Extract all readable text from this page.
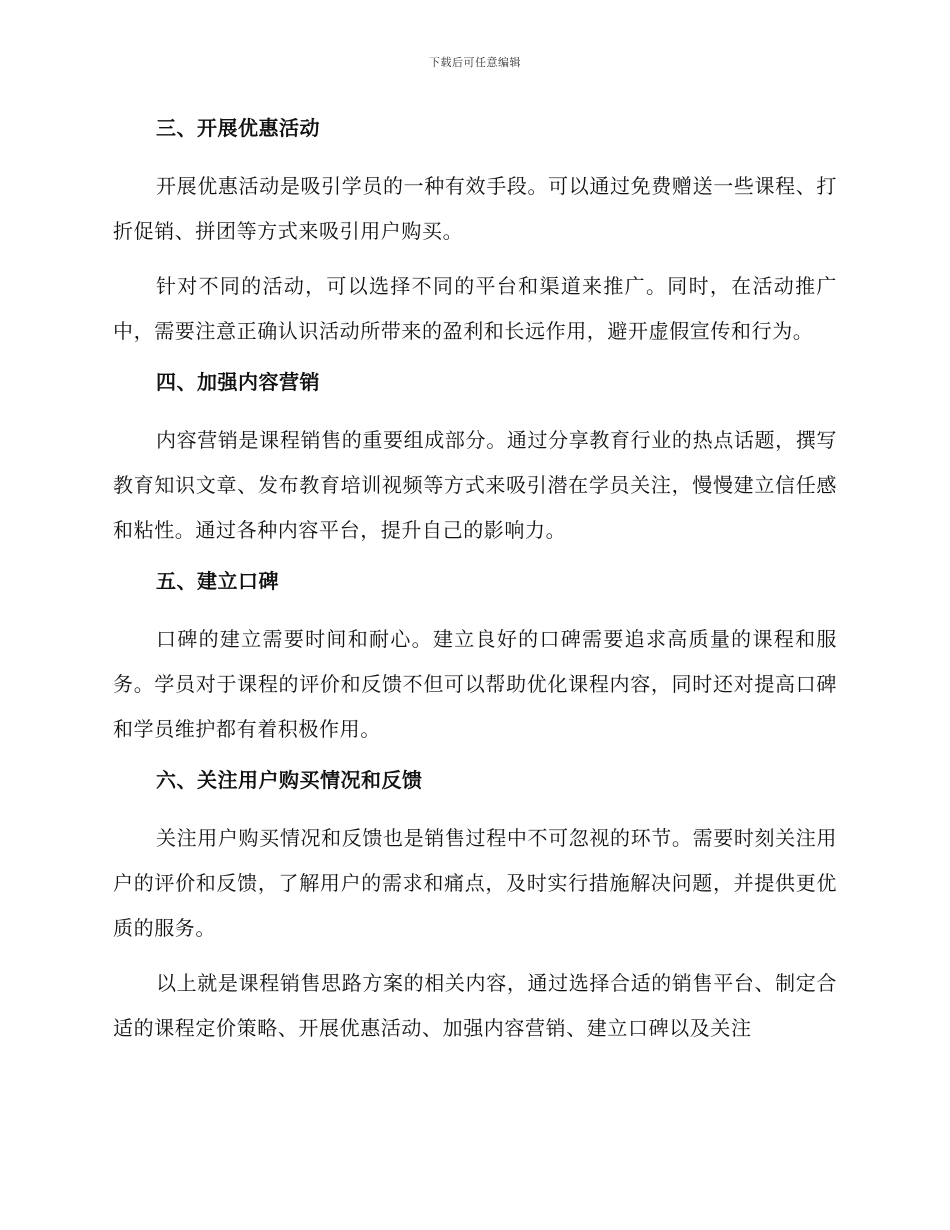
下载后可任意编辑
三、开展优惠活动

开展优惠活动是吸引学员的一种有效手段。可以通过免费赠送一些课程、打折促销、拼团等方式来吸引用户购买。

针对不同的活动，可以选择不同的平台和渠道来推广。同时，在活动推广中，需要注意正确认识活动所带来的盈利和长远作用，避开虚假宣传和行为。

四、加强内容营销

内容营销是课程销售的重要组成部分。通过分享教育行业的热点话题，撰写教育知识文章、发布教育培训视频等方式来吸引潜在学员关注，慢慢建立信任感和粘性。通过各种内容平台，提升自己的影响力。

五、建立口碑

口碑的建立需要时间和耐心。建立良好的口碑需要追求高质量的课程和服务。学员对于课程的评价和反馈不但可以帮助优化课程内容，同时还对提高口碑和学员维护都有着积极作用。

六、关注用户购买情况和反馈

关注用户购买情况和反馈也是销售过程中不可忽视的环节。需要时刻关注用户的评价和反馈，了解用户的需求和痛点，及时实行措施解决问题，并提供更优质的服务。

以上就是课程销售思路方案的相关内容，通过选择合适的销售平台、制定合适的课程定价策略、开展优惠活动、加强内容营销、建立口碑以及关注
